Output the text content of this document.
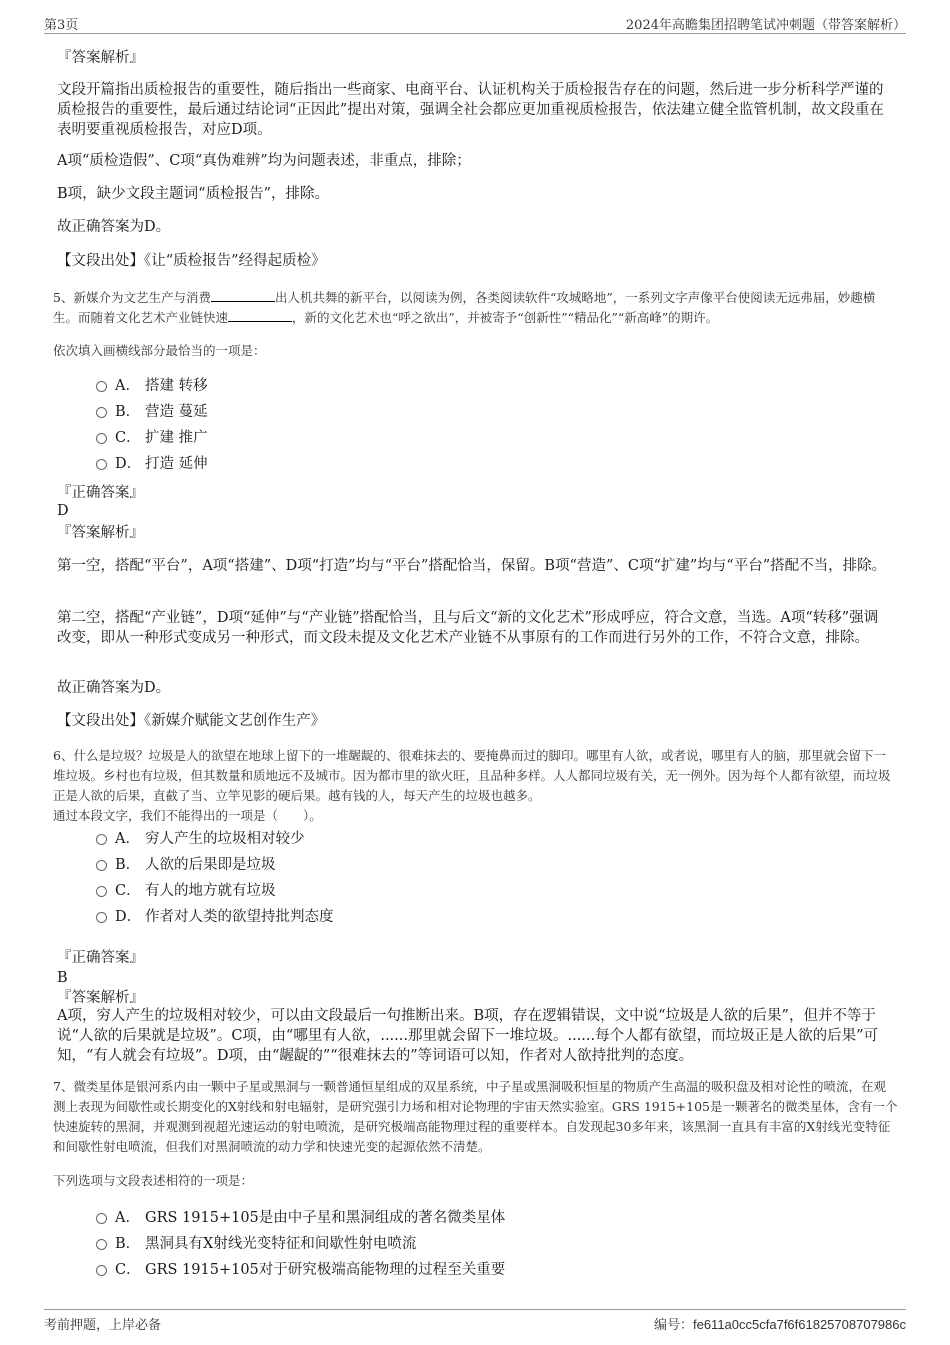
第3页	2024年高瞻集团招聘笔试冲刺题（带答案解析）
『答案解析』
文段开篇指出质检报告的重要性，随后指出一些商家、电商平台、认证机构关于质检报告存在的问题，然后进一步分析科学严谨的质检报告的重要性，最后通过结论词“正因此”提出对策，强调全社会都应更加重视质检报告，依法建立健全监管机制，故文段重在表明要重视质检报告，对应D项。
A项“质检造假”、C项“真伪难辨”均为问题表述，非重点，排除；
B项，缺少文段主题词“质检报告”，排除。
故正确答案为D。
【文段出处】《让“质检报告”经得起质检》
5、新媒介为文艺生产与消费	出人机共舞的新平台，以阅读为例，各类阅读软件“攻城略地”，一系列文字声像平台使阅读无远弗届，妙趣横生。而随着文化艺术产业链快速	，新的文化艺术也“呼之欲出”，并被寄予“创新性”“精品化”“新高峰”的期许。
依次填入画横线部分最恰当的一项是：
A． 搭建 转移
B． 营造 蔓延
C． 扩建 推广
D． 打造 延伸
『正确答案』
D
『答案解析』
第一空，搭配“平台”，A项“搭建”、D项“打造”均与“平台”搭配恰当，保留。B项“营造”、C项“扩建”均与“平台”搭配不当，排除。
第二空，搭配“产业链”，D项“延伸”与“产业链”搭配恰当，且与后文“新的文化艺术”形成呼应，符合文意，当选。A项“转移”强调改变，即从一种形式变成另一种形式，而文段未提及文化艺术产业链不从事原有的工作而进行另外的工作，不符合文意，排除。
故正确答案为D。
【文段出处】《新媒介赋能文艺创作生产》
6、什么是垃圾？垃圾是人的欲望在地球上留下的一堆龌龊的、很难抹去的、要掩鼻而过的脚印。哪里有人欲，或者说，哪里有人的脑，那里就会留下一堆垃圾。乡村也有垃圾，但其数量和质地远不及城市。因为都市里的欲火旺，且品种多样。人人都同垃圾有关，无一例外。因为每个人都有欲望，而垃圾正是人欲的后果，直截了当、立竿见影的硬后果。越有钱的人，每天产生的垃圾也越多。
通过本段文字，我们不能得出的一项是（　　）。
A． 穷人产生的垃圾相对较少
B． 人欲的后果即是垃圾
C． 有人的地方就有垃圾
D． 作者对人类的欲望持批判态度
『正确答案』
B
『答案解析』
A项，穷人产生的垃圾相对较少，可以由文段最后一句推断出来。B项，存在逻辑错误，文中说“垃圾是人欲的后果”，但并不等于说“人欲的后果就是垃圾”。C项，由“哪里有人欲，......那里就会留下一堆垃圾。......每个人都有欲望，而垃圾正是人欲的后果”可知，“有人就会有垃圾”。D项，由“龌龊的”“很难抹去的”等词语可以知，作者对人欲持批判的态度。
7、微类星体是银河系内由一颗中子星或黑洞与一颗普通恒星组成的双星系统，中子星或黑洞吸积恒星的物质产生高温的吸积盘及相对论性的喷流，在观测上表现为间歇性或长期变化的X射线和射电辐射，是研究强引力场和相对论物理的宇宙天然实验室。GRS 1915+105是一颗著名的微类星体，含有一个快速旋转的黑洞，并观测到视超光速运动的射电喷流，是研究极端高能物理过程的重要样本。自发现起30多年来，该黑洞一直具有丰富的X射线光变特征和间歇性射电喷流，但我们对黑洞喷流的动力学和快速光变的起源依然不清楚。
下列选项与文段表述相符的一项是：
A． GRS 1915+105是由中子星和黑洞组成的著名微类星体
B． 黑洞具有X射线光变特征和间歇性射电喷流
C． GRS 1915+105对于研究极端高能物理的过程至关重要
考前押题，上岸必备	编号：fe611a0cc5cfa7f6f61825708707986c
